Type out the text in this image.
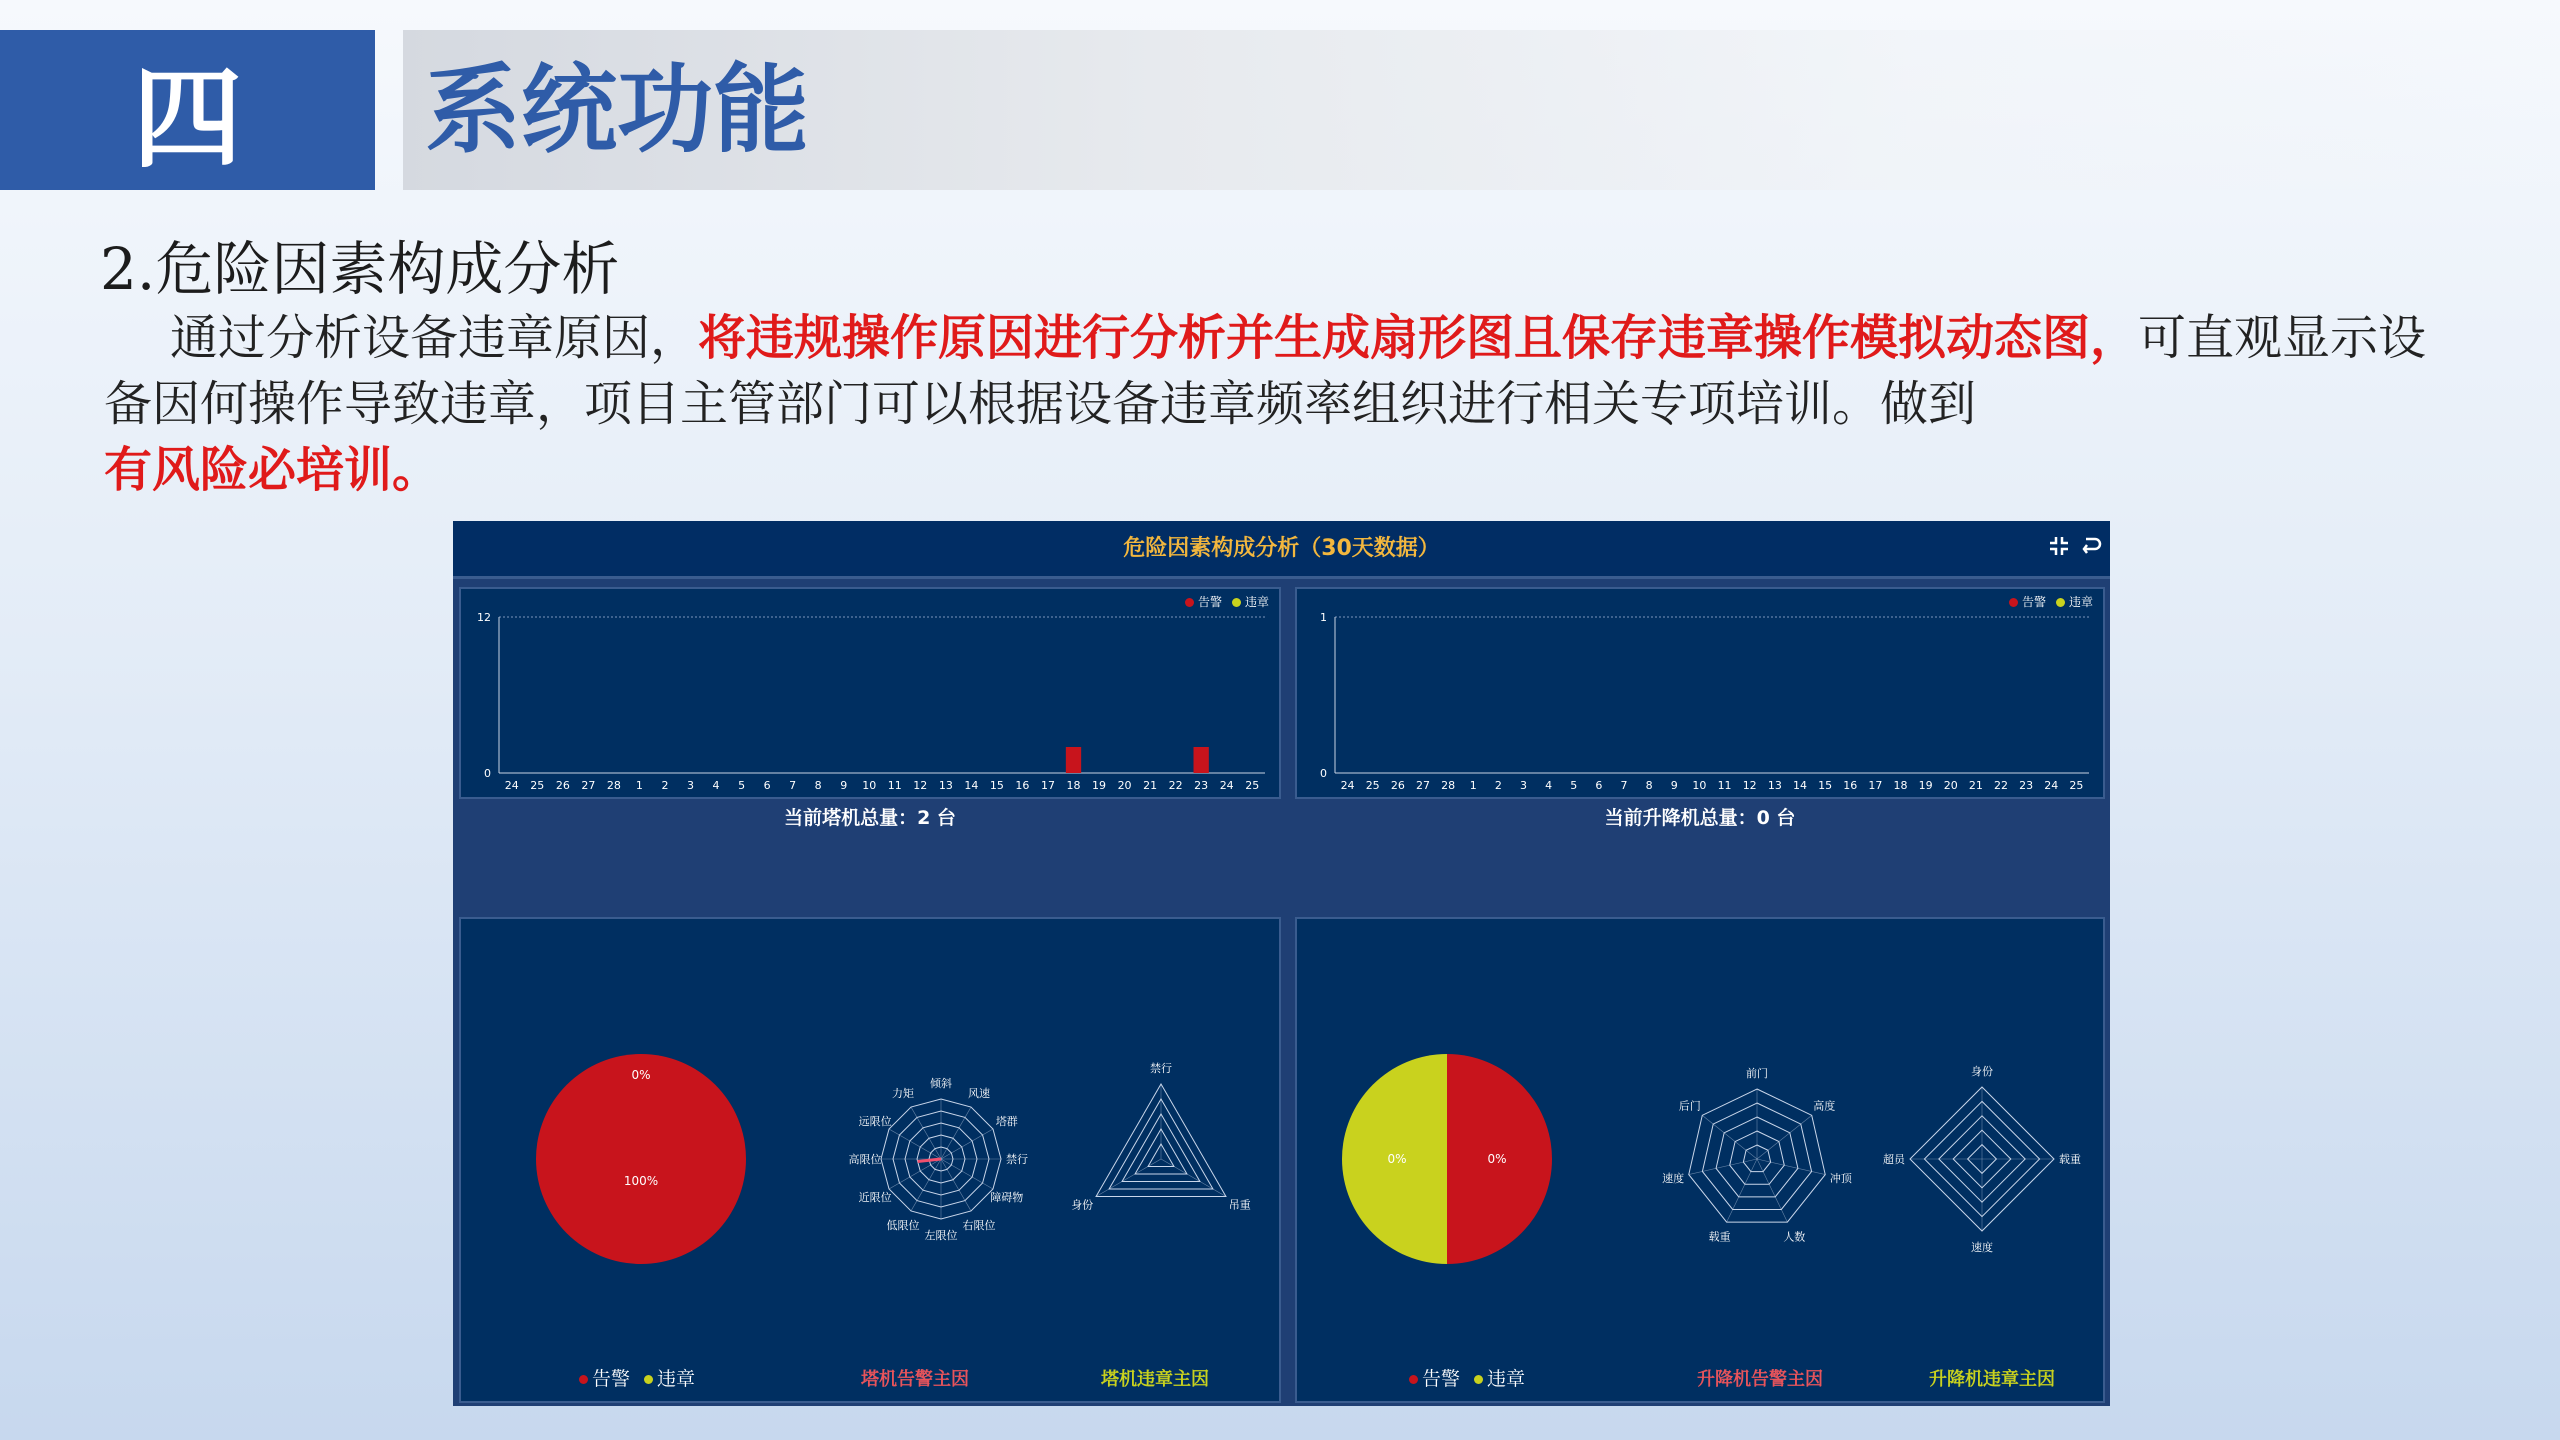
四	系统功能
2.危险因素构成分析
通过分析设备违章原因，将违规操作原因进行分析并生成扇形图且保存违章操作模拟动态图，可直观显示设备因何操作导致违章，项目主管部门可以根据设备违章频率组织进行相关专项培训。做到
有风险必培训。
危险因素构成分析（30天数据）
告警	违章
12
0
24 25 26 27 28 1 2 3 4 5 6 7 8 9 10 11 12 13 14 15 16 17 18 19 20 21 22 23 24 25
告警	违章
1
0
24 25 26 27 28 1 2 3 4 5 6 7 8 9 10 11 12 13 14 15 16 17 18 19 20 21 22 23 24 25
当前塔机总量：2 台	当前升降机总量：0 台
0%
100%
倾斜
风速
塔群
禁行
障碍物
右限位
左限位
低限位
近限位
高限位
远限位
力矩
禁行
吊重
身份
告警	违章	塔机告警主因	塔机违章主因
0%
0%
前门
高度
冲顶
人数
载重
速度
后门
身份
载重
速度
超员
告警	违章	升降机告警主因	升降机违章主因
